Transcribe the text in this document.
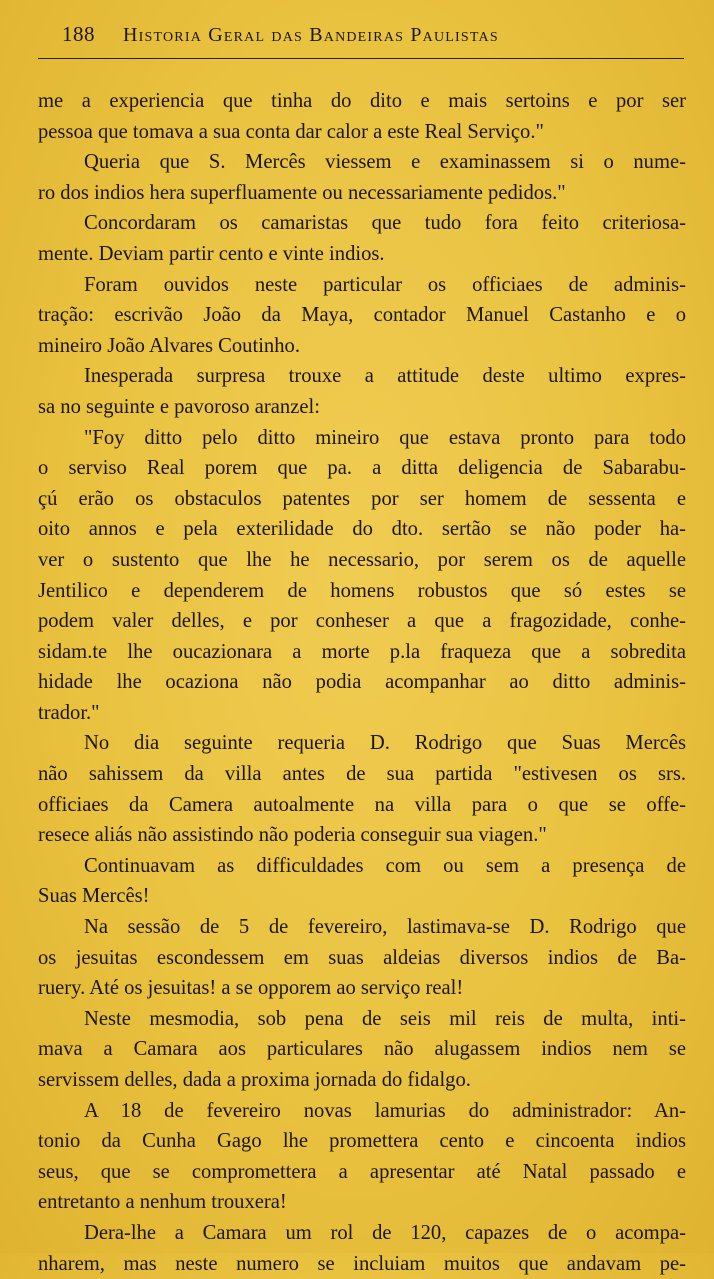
188 Historia Geral das Bandeiras Paulistas
me a experiencia que tinha do dito e mais sertoins e por ser
pessoa que tomava a sua conta dar calor a este Real Serviço."
Queria que S. Mercês viessem e examinassem si o nume-
ro dos indios hera superfluamente ou necessariamente pedidos."
Concordaram os camaristas que tudo fora feito criteriosa-
mente. Deviam partir cento e vinte indios.
Foram ouvidos neste particular os officiaes de adminis-
tração: escrivão João da Maya, contador Manuel Castanho e o
mineiro João Alvares Coutinho.
Inesperada surpresa trouxe a attitude deste ultimo expres-
sa no seguinte e pavoroso aranzel:
"Foy ditto pelo ditto mineiro que estava pronto para todo
o serviso Real porem que pa. a ditta deligencia de Sabarabu-
çú erão os obstaculos patentes por ser homem de sessenta e
oito annos e pela exterilidade do dto. sertão se não poder ha-
ver o sustento que lhe he necessario, por serem os de aquelle
Jentilico e dependerem de homens robustos que só estes se
podem valer delles, e por conheser a que a fragozidade, conhe-
sidam.te lhe oucazionara a morte p.la fraqueza que a sobredita
hidade lhe ocaziona não podia acompanhar ao ditto adminis-
trador."
No dia seguinte requeria D. Rodrigo que Suas Mercês
não sahissem da villa antes de sua partida "estivesen os srs.
officiaes da Camera autoalmente na villa para o que se offe-
resece aliás não assistindo não poderia conseguir sua viagen."
Continuavam as difficuldades com ou sem a presença de
Suas Mercês!
Na sessão de 5 de fevereiro, lastimava-se D. Rodrigo que
os jesuitas escondessem em suas aldeias diversos indios de Ba-
ruery. Até os jesuitas! a se opporem ao serviço real!
Neste mesmodia, sob pena de seis mil reis de multa, inti-
mava a Camara aos particulares não alugassem indios nem se
servissem delles, dada a proxima jornada do fidalgo.
A 18 de fevereiro novas lamurias do administrador: An-
tonio da Cunha Gago lhe promettera cento e cincoenta indios
seus, que se compromettera a apresentar até Natal passado e
entretanto a nenhum trouxera!
Dera-lhe a Camara um rol de 120, capazes de o acompa-
nharem, mas neste numero se incluiam muitos que andavam pe-
